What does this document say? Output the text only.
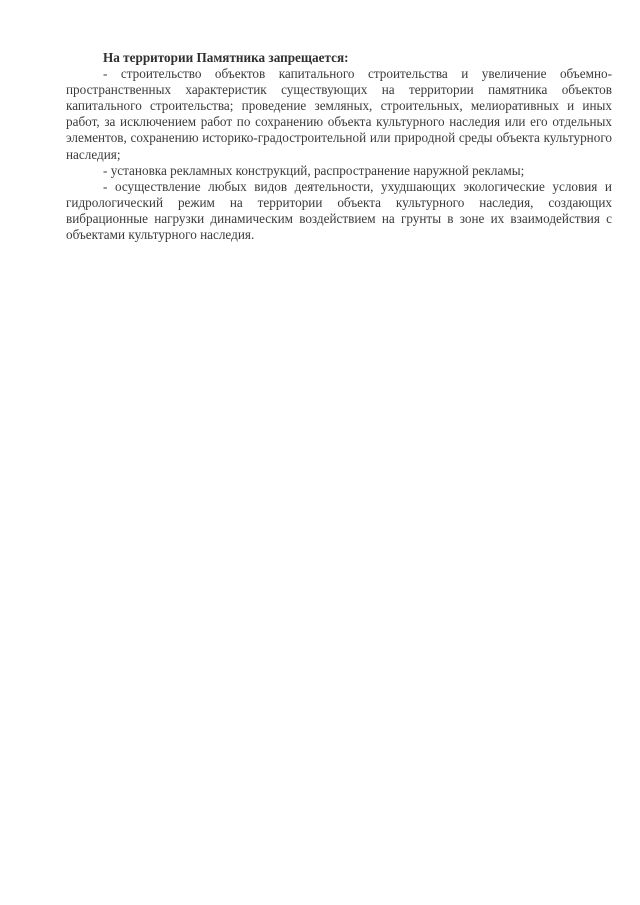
На территории Памятника запрещается:

- строительство объектов капитального строительства и увеличение объемно-пространственных характеристик существующих на территории памятника объектов капитального строительства; проведение земляных, строительных, мелиоративных и иных работ, за исключением работ по сохранению объекта культурного наследия или его отдельных элементов, сохранению историко-градостроительной или природной среды объекта культурного наследия;

- установка рекламных конструкций, распространение наружной рекламы;

- осуществление любых видов деятельности, ухудшающих экологические условия и гидрологический режим на территории объекта культурного наследия, создающих вибрационные нагрузки динамическим воздействием на грунты в зоне их взаимодействия с объектами культурного наследия.
